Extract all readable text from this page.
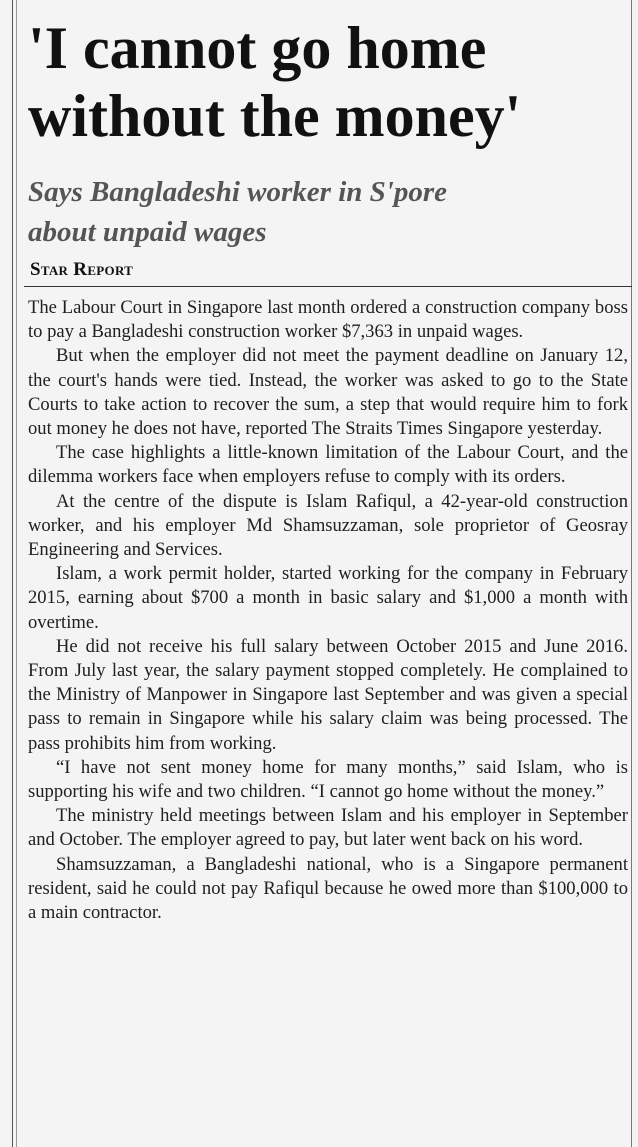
'I cannot go home
without the money'
Says Bangladeshi worker in S'pore
about unpaid wages
Star Report

The Labour Court in Singapore last month ordered a construction company boss to pay a Bangladeshi construction worker $7,363 in unpaid wages.

But when the employer did not meet the payment deadline on January 12, the court's hands were tied. Instead, the worker was asked to go to the State Courts to take action to recover the sum, a step that would require him to fork out money he does not have, reported The Straits Times Singapore yesterday.

The case highlights a little-known limitation of the Labour Court, and the dilemma workers face when employers refuse to comply with its orders.

At the centre of the dispute is Islam Rafiqul, a 42-year-old construction worker, and his employer Md Shamsuzzaman, sole proprietor of Geosray Engineering and Services.

Islam, a work permit holder, started working for the company in February 2015, earning about $700 a month in basic salary and $1,000 a month with overtime.

He did not receive his full salary between October 2015 and June 2016. From July last year, the salary payment stopped completely. He complained to the Ministry of Manpower in Singapore last September and was given a special pass to remain in Singapore while his salary claim was being processed. The pass prohibits him from working.

“I have not sent money home for many months,” said Islam, who is supporting his wife and two children. “I cannot go home without the money.”

The ministry held meetings between Islam and his employer in September and October. The employer agreed to pay, but later went back on his word.

Shamsuzzaman, a Bangladeshi national, who is a Singapore permanent resident, said he could not pay Rafiqul because he owed more than $100,000 to a main contractor.
